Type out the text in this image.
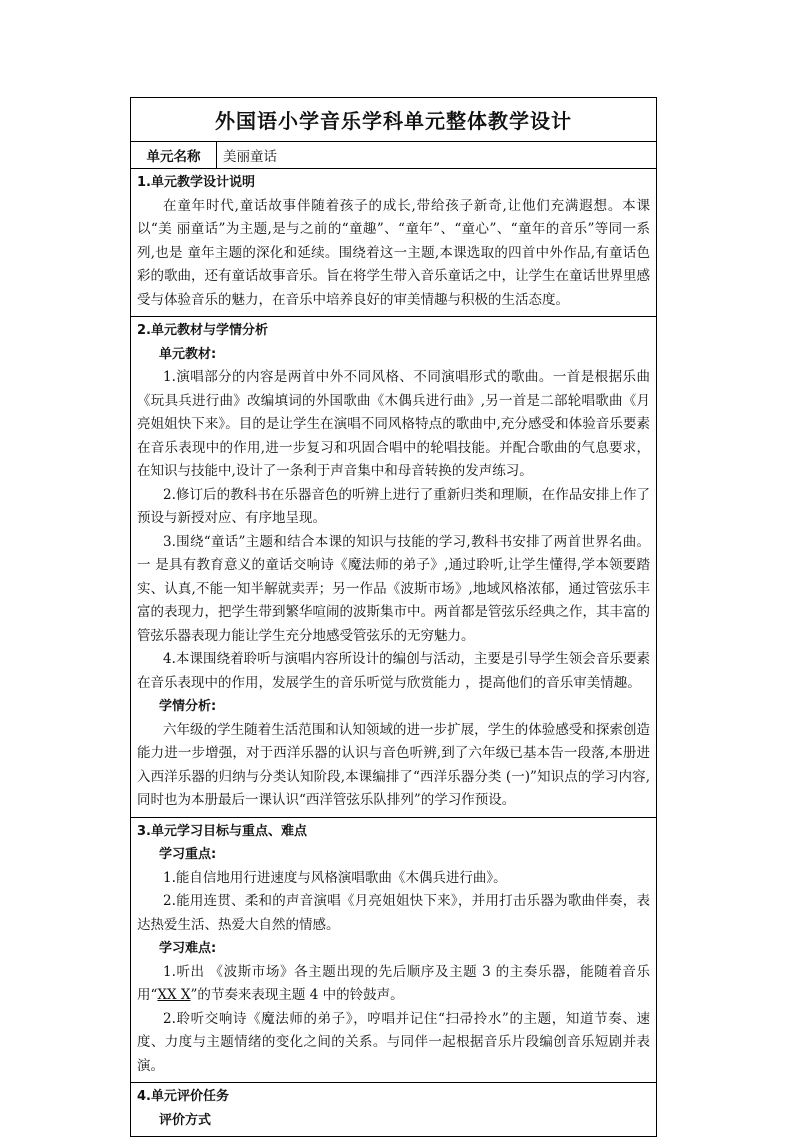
外国语小学音乐学科单元整体教学设计
单元名称	美丽童话
1.单元教学设计说明

在童年时代,童话故事伴随着孩子的成长,带给孩子新奇,让他们充满遐想。本课以“美 丽童话”为主题,是与之前的“童趣”、“童年”、“童心”、“童年的音乐”等同一系列,也是 童年主题的深化和延续。围绕着这一主题,本课选取的四首中外作品,有童话色彩的歌曲，还有童话故事音乐。旨在将学生带入音乐童话之中，让学生在童话世界里感受与体验音乐的魅力，在音乐中培养良好的审美情趣与积极的生活态度。

2.单元教材与学情分析
单元教材:

1.演唱部分的内容是两首中外不同风格、不同演唱形式的歌曲。一首是根据乐曲《玩具兵进行曲》改编填词的外国歌曲《木偶兵进行曲》,另一首是二部轮唱歌曲《月亮姐姐快下来》。目的是让学生在演唱不同风格特点的歌曲中,充分感受和体验音乐要素在音乐表现中的作用,进一步复习和巩固合唱中的轮唱技能。并配合歌曲的气息要求，在知识与技能中,设计了一条利于声音集中和母音转换的发声练习。

2.修订后的教科书在乐器音色的听辨上进行了重新归类和理顺，在作品安排上作了预设与新授对应、有序地呈现。

3.围绕“童话”主题和结合本课的知识与技能的学习,教科书安排了两首世界名曲。一 是具有教育意义的童话交响诗《魔法师的弟子》,通过聆听,让学生懂得,学本领要踏实、认真,不能一知半解就卖弄；另一作品《波斯市场》,地域风格浓郁，通过管弦乐丰富的表现力，把学生带到繁华喧闹的波斯集市中。两首都是管弦乐经典之作，其丰富的管弦乐器表现力能让学生充分地感受管弦乐的无穷魅力。

4.本课围绕着聆听与演唱内容所设计的编创与活动，主要是引导学生领会音乐要素在音乐表现中的作用，发展学生的音乐听觉与欣赏能力 ，提高他们的音乐审美情趣。

学情分析:

六年级的学生随着生活范围和认知领域的进一步扩展，学生的体验感受和探索创造能力进一步增强，对于西洋乐器的认识与音色听辨,到了六年级已基本告一段落,本册进入西洋乐器的归纳与分类认知阶段,本课编排了“西洋乐器分类 (一)”知识点的学习内容,同时也为本册最后一课认识“西洋管弦乐队排列”的学习作预设。

3.单元学习目标与重点、难点
学习重点:

1.能自信地用行进速度与风格演唱歌曲《木偶兵进行曲》。

2.能用连贯、柔和的声音演唱《月亮姐姐快下来》，并用打击乐器为歌曲伴奏，表达热爱生活、热爱大自然的情感。

学习难点:

1.听出 《波斯市场》各主题出现的先后顺序及主题 3 的主奏乐器，能随着音乐用“XX X”的节奏来表现主题 4 中的铃鼓声。

2.聆听交响诗《魔法师的弟子》，哼唱并记住“扫帚拎水”的主题，知道节奏、速度、力度与主题情绪的变化之间的关系。与同伴一起根据音乐片段编创音乐短剧并表演。

4.单元评价任务
评价方式
